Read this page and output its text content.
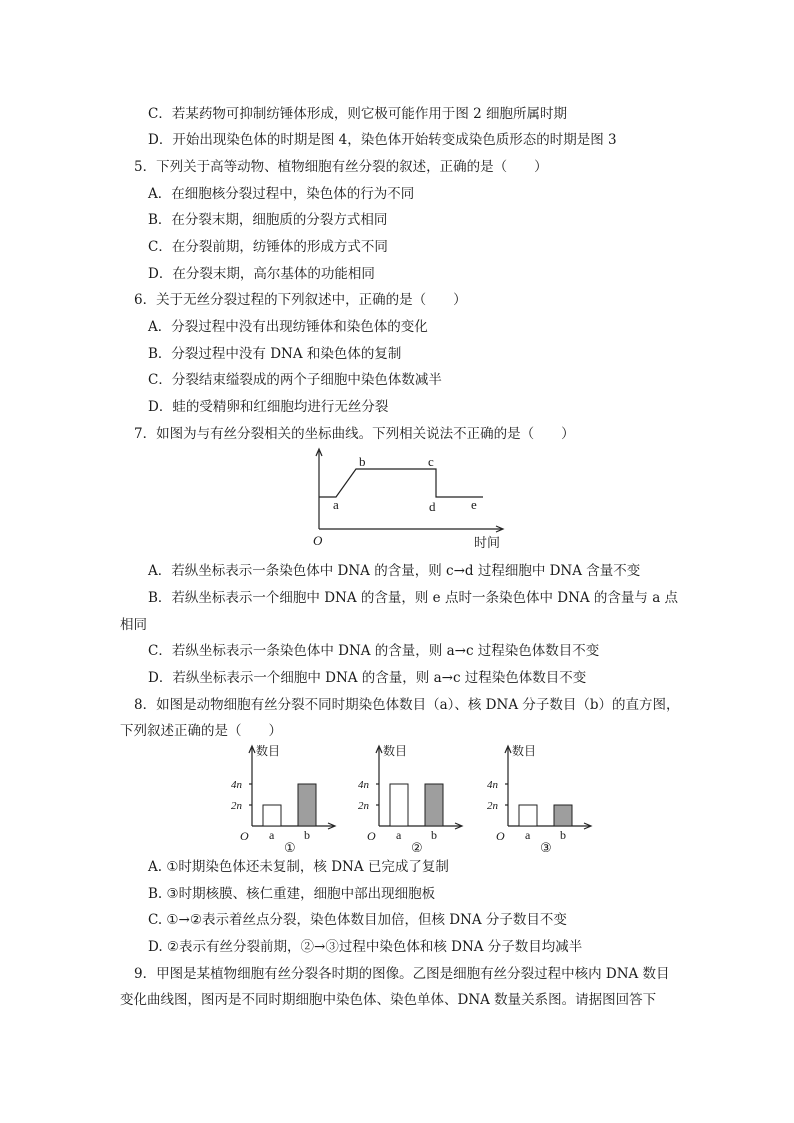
C．若某药物可抑制纺锤体形成，则它极可能作用于图 2 细胞所属时期
D．开始出现染色体的时期是图 4，染色体开始转变成染色质形态的时期是图 3
5．下列关于高等动物、植物细胞有丝分裂的叙述，正确的是（　　）
A．在细胞核分裂过程中，染色体的行为不同
B．在分裂末期，细胞质的分裂方式相同
C．在分裂前期，纺锤体的形成方式不同
D．在分裂末期，高尔基体的功能相同
6．关于无丝分裂过程的下列叙述中，正确的是（　　）
A．分裂过程中没有出现纺锤体和染色体的变化
B．分裂过程中没有 DNA 和染色体的复制
C．分裂结束缢裂成的两个子细胞中染色体数减半
D．蛙的受精卵和红细胞均进行无丝分裂
7．如图为与有丝分裂相关的坐标曲线。下列相关说法不正确的是（　　）
O	时间
a
b	c
d	e
A．若纵坐标表示一条染色体中 DNA 的含量，则 c→d 过程细胞中 DNA 含量不变
B．若纵坐标表示一个细胞中 DNA 的含量，则 e 点时一条染色体中 DNA 的含量与 a 点
相同
C．若纵坐标表示一条染色体中 DNA 的含量，则 a→c 过程染色体数目不变
D．若纵坐标表示一个细胞中 DNA 的含量，则 a→c 过程染色体数目不变
8．如图是动物细胞有丝分裂不同时期染色体数目（a）、核 DNA 分子数目（b）的直方图，
下列叙述正确的是（　　）
数目
2n
4n
O a b
①
数目
2n
4n
O a b
②
数目
2n
4n
O a b
③
A. ①时期染色体还未复制，核 DNA 已完成了复制
B. ③时期核膜、核仁重建，细胞中部出现细胞板
C. ①→②表示着丝点分裂，染色体数目加倍，但核 DNA 分子数目不变
D. ②表示有丝分裂前期，②→③过程中染色体和核 DNA 分子数目均减半
9．甲图是某植物细胞有丝分裂各时期的图像。乙图是细胞有丝分裂过程中核内 DNA 数目
变化曲线图，图丙是不同时期细胞中染色体、染色单体、DNA 数量关系图。请据图回答下
